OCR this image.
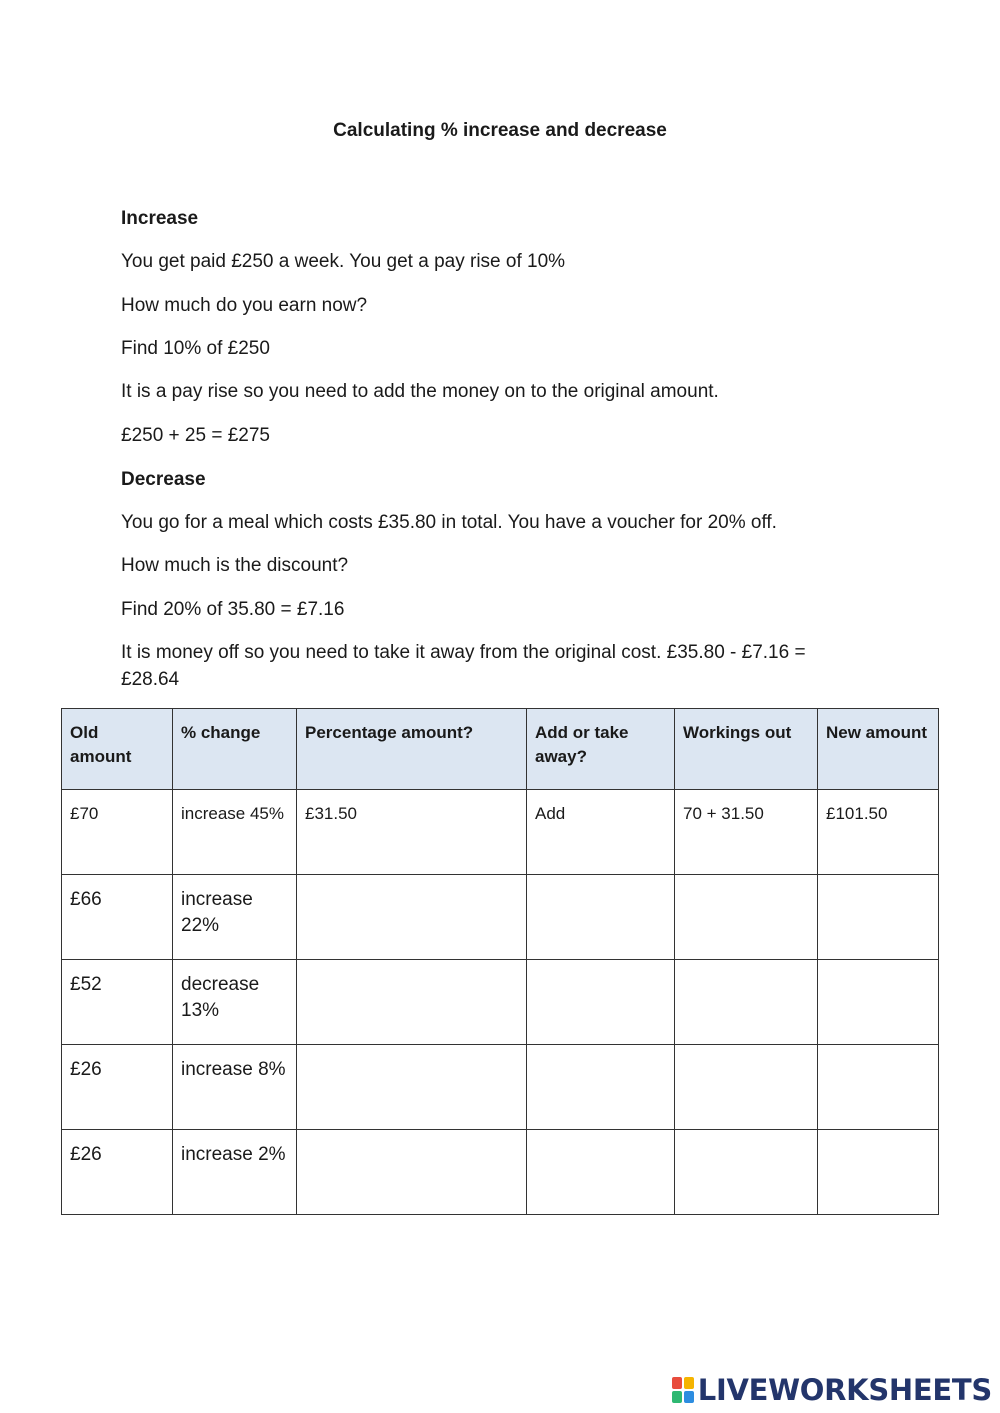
Calculating % increase and decrease
Increase
You get paid £250 a week. You get a pay rise of 10%
How much do you earn now?
Find 10% of £250
It is a pay rise so you need to add the money on to the original amount.
£250 + 25 = £275
Decrease
You go for a meal which costs £35.80 in total. You have a voucher for 20% off.
How much is the discount?
Find 20% of 35.80 = £7.16
It is money off so you need to take it away from the original cost. £35.80 - £7.16 = £28.64
Old amount	% change	Percentage amount?	Add or take away?	Workings out	New amount
£70	increase 45%	£31.50	Add	70 + 31.50	£101.50
£66	increase 22%				
£52	decrease 13%				
£26	increase 8%				
£26	increase 2%				
LIVEWORKSHEETS
